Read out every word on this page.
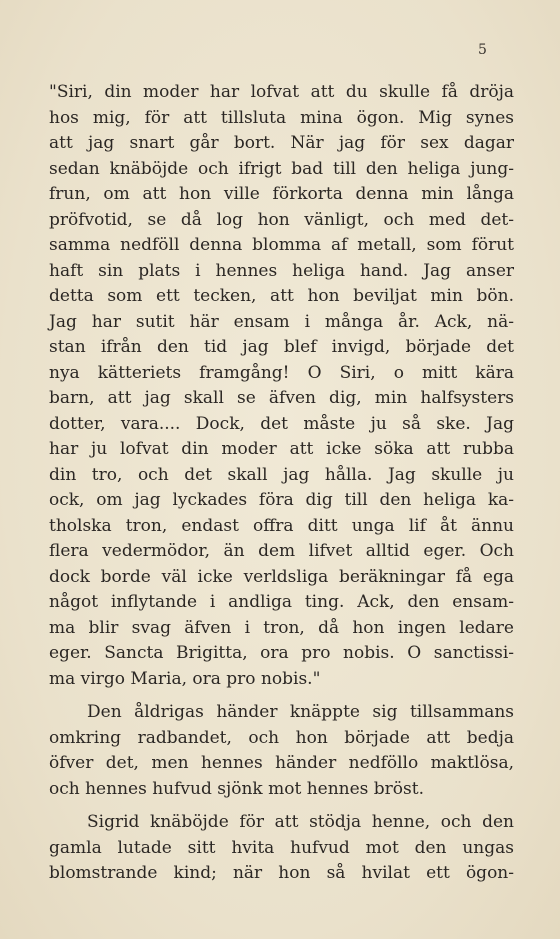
5
"Siri, din moder har lofvat att du skulle få dröja
hos mig, för att tillsluta mina ögon. Mig synes
att jag snart går bort. När jag för sex dagar
sedan knäböjde och ifrigt bad till den heliga jung-
frun, om att hon ville förkorta denna min långa
pröfvotid, se då log hon vänligt, och med det-
samma nedföll denna blomma af metall, som förut
haft sin plats i hennes heliga hand. Jag anser
detta som ett tecken, att hon beviljat min bön.
Jag har sutit här ensam i många år. Ack, nä-
stan ifrån den tid jag blef invigd, började det
nya kätteriets framgång! O Siri, o mitt kära
barn, att jag skall se äfven dig, min halfsysters
dotter, vara.... Dock, det måste ju så ske. Jag
har ju lofvat din moder att icke söka att rubba
din tro, och det skall jag hålla. Jag skulle ju
ock, om jag lyckades föra dig till den heliga ka-
tholska tron, endast offra ditt unga lif åt ännu
flera vedermödor, än dem lifvet alltid eger. Och
dock borde väl icke verldsliga beräkningar få ega
något inflytande i andliga ting. Ack, den ensam-
ma blir svag äfven i tron, då hon ingen ledare
eger. Sancta Brigitta, ora pro nobis. O sanctissi-
ma virgo Maria, ora pro nobis."
Den åldrigas händer knäppte sig tillsammans
omkring radbandet, och hon började att bedja
öfver det, men hennes händer nedföllo maktlösa,
och hennes hufvud sjönk mot hennes bröst.
Sigrid knäböjde för att stödja henne, och den
gamla lutade sitt hvita hufvud mot den ungas
blomstrande kind; när hon så hvilat ett ögon-
